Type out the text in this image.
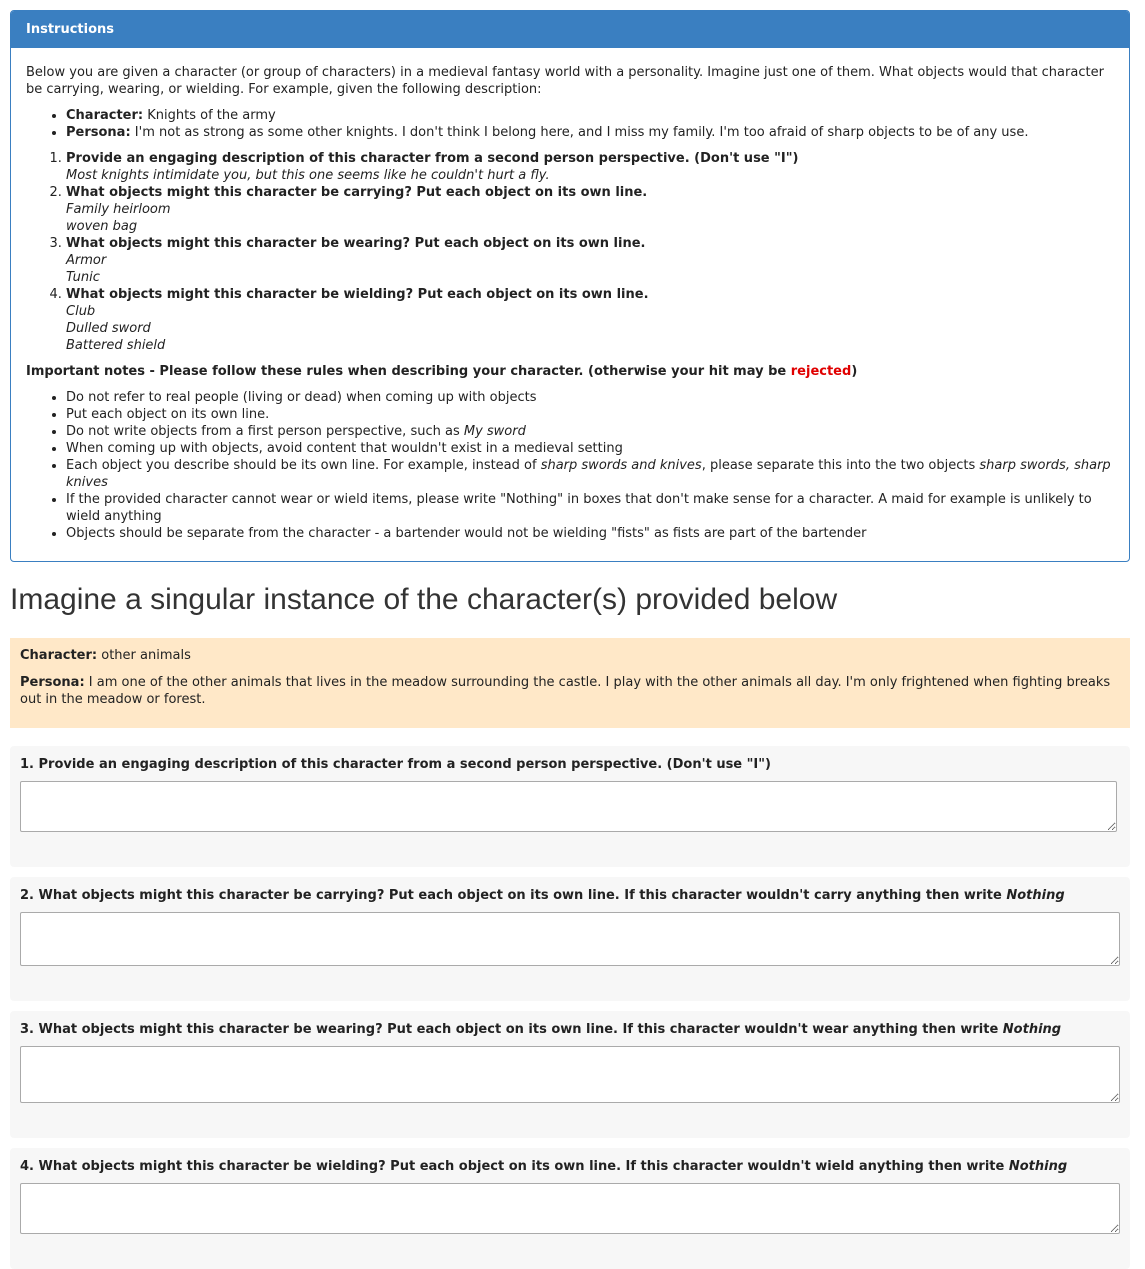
Instructions

Below you are given a character (or group of characters) in a medieval fantasy world with a personality. Imagine just one of them. What objects would that character be carrying, wearing, or wielding. For example, given the following description:

• Character: Knights of the army
• Persona: I'm not as strong as some other knights. I don't think I belong here, and I miss my family. I'm too afraid of sharp objects to be of any use.
1. Provide an engaging description of this character from a second person perspective. (Don't use "I")
Most knights intimidate you, but this one seems like he couldn't hurt a fly.
2. What objects might this character be carrying? Put each object on its own line.
Family heirloom
woven bag
3. What objects might this character be wearing? Put each object on its own line.
Armor
Tunic
4. What objects might this character be wielding? Put each object on its own line.
Club
Dulled sword
Battered shield
Important notes - Please follow these rules when describing your character. (otherwise your hit may be rejected)
• Do not refer to real people (living or dead) when coming up with objects
• Put each object on its own line.
• Do not write objects from a first person perspective, such as My sword
• When coming up with objects, avoid content that wouldn't exist in a medieval setting
• Each object you describe should be its own line. For example, instead of sharp swords and knives, please separate this into the two objects sharp swords, sharp knives
• If the provided character cannot wear or wield items, please write "Nothing" in boxes that don't make sense for a character. A maid for example is unlikely to wield anything
• Objects should be separate from the character - a bartender would not be wielding "fists" as fists are part of the bartender
Imagine a singular instance of the character(s) provided below

Character: other animals

Persona: I am one of the other animals that lives in the meadow surrounding the castle. I play with the other animals all day. I'm only frightened when fighting breaks out in the meadow or forest.

1. Provide an engaging description of this character from a second person perspective. (Don't use "I")
2. What objects might this character be carrying? Put each object on its own line. If this character wouldn't carry anything then write Nothing
3. What objects might this character be wearing? Put each object on its own line. If this character wouldn't wear anything then write Nothing
4. What objects might this character be wielding? Put each object on its own line. If this character wouldn't wield anything then write Nothing
